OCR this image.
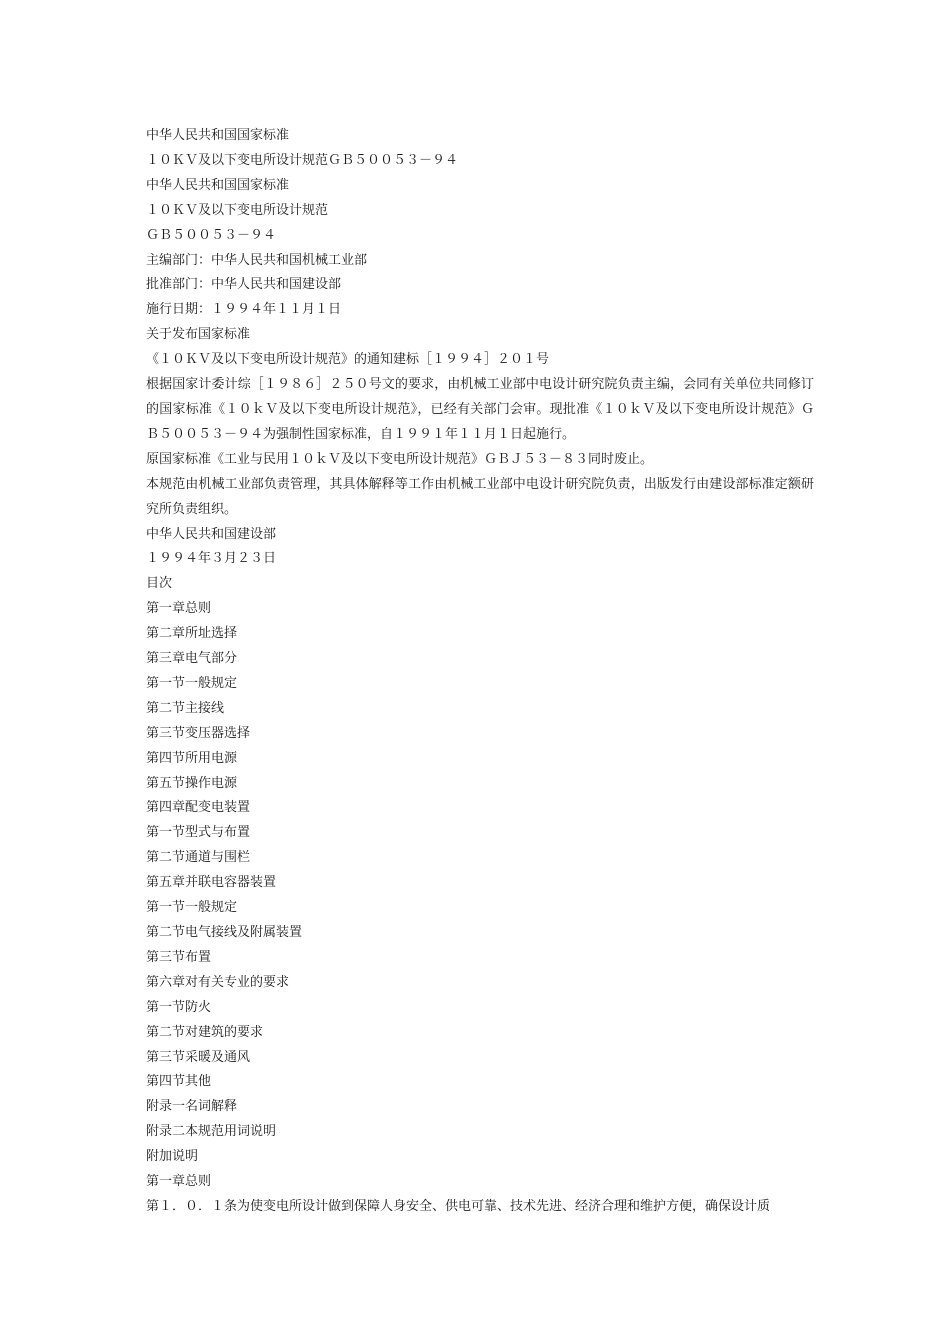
中华人民共和国国家标准
１０ＫＶ及以下变电所设计规范ＧＢ５００５３－９４
中华人民共和国国家标准
１０ＫＶ及以下变电所设计规范
ＧＢ５００５３－９４
主编部门：中华人民共和国机械工业部
批准部门：中华人民共和国建设部
施行日期：１９９４年１１月１日
关于发布国家标准
《１０ＫＶ及以下变电所设计规范》的通知建标［１９９４］２０１号
根据国家计委计综［１９８６］２５０号文的要求，由机械工业部中电设计研究院负责主编，会同有关单位共同修订的国家标准《１０ｋＶ及以下变电所设计规范》，已经有关部门会审。现批准《１０ｋＶ及以下变电所设计规范》ＧＢ５００５３－９４为强制性国家标准，自１９９１年１１月１日起施行。
原国家标准《工业与民用１０ｋＶ及以下变电所设计规范》ＧＢＪ５３－８３同时废止。
本规范由机械工业部负责管理，其具体解释等工作由机械工业部中电设计研究院负责，出版发行由建设部标准定额研究所负责组织。
中华人民共和国建设部
１９９４年３月２３日
目次
第一章总则
第二章所址选择
第三章电气部分
第一节一般规定
第二节主接线
第三节变压器选择
第四节所用电源
第五节操作电源
第四章配变电装置
第一节型式与布置
第二节通道与围栏
第五章并联电容器装置
第一节一般规定
第二节电气接线及附属装置
第三节布置
第六章对有关专业的要求
第一节防火
第二节对建筑的要求
第三节采暖及通风
第四节其他
附录一名词解释
附录二本规范用词说明
附加说明
第一章总则
第１．０．１条为使变电所设计做到保障人身安全、供电可靠、技术先进、经济合理和维护方便，确保设计质
